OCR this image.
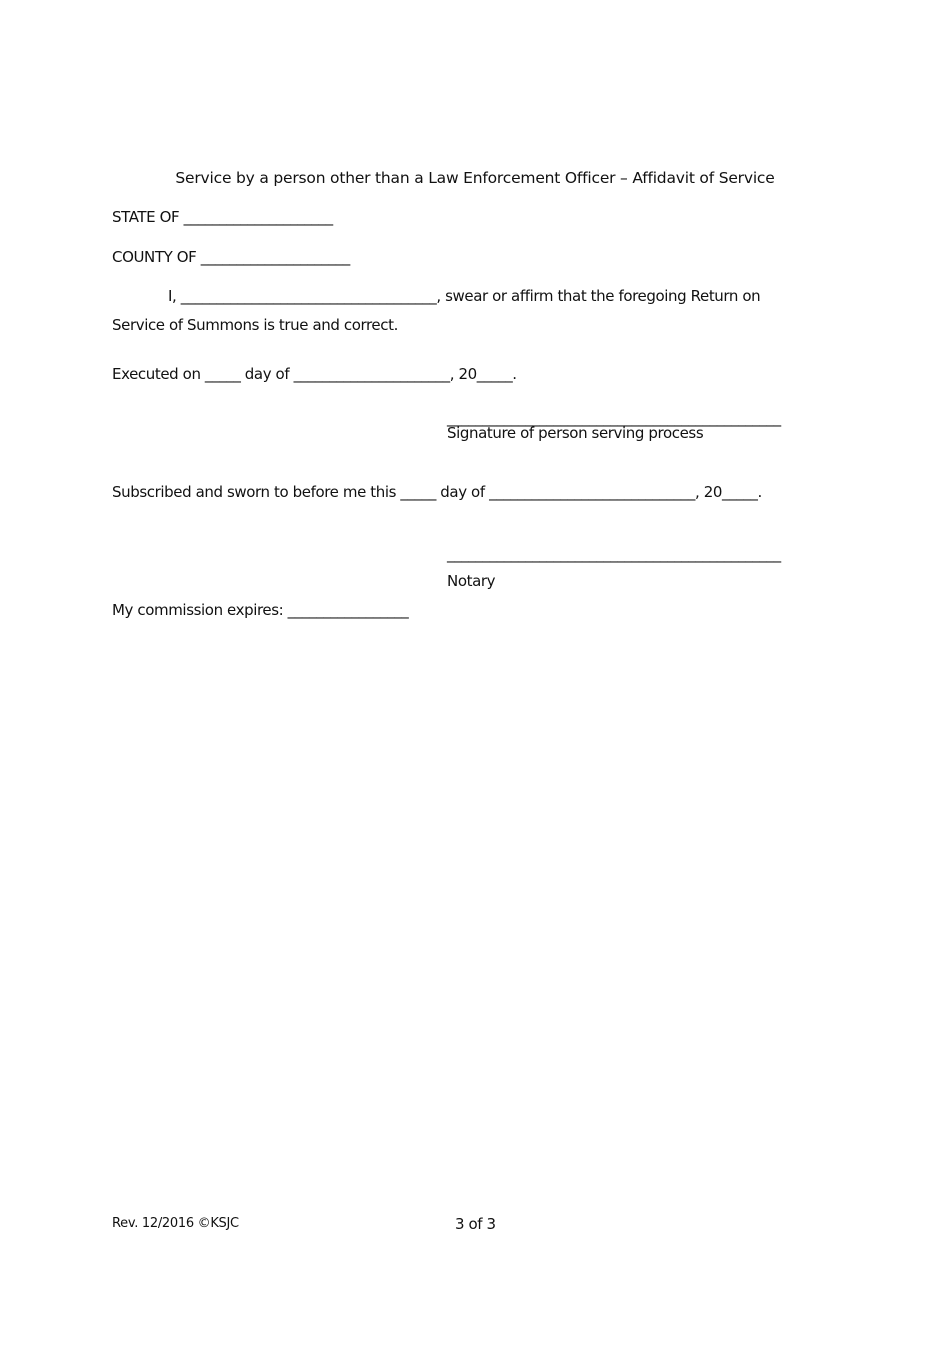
Service by a person other than a Law Enforcement Officer – Affidavit of Service
STATE OF _____________________
COUNTY OF _____________________
I, ____________________________________, swear or affirm that the foregoing Return on
Service of Summons is true and correct.
Executed on _____ day of ______________________, 20_____.
_______________________________________________
Signature of person serving process
Subscribed and sworn to before me this _____ day of _____________________________, 20_____.
_______________________________________________
Notary
My commission expires: _________________
Rev. 12/2016 ©KSJC	3 of 3
